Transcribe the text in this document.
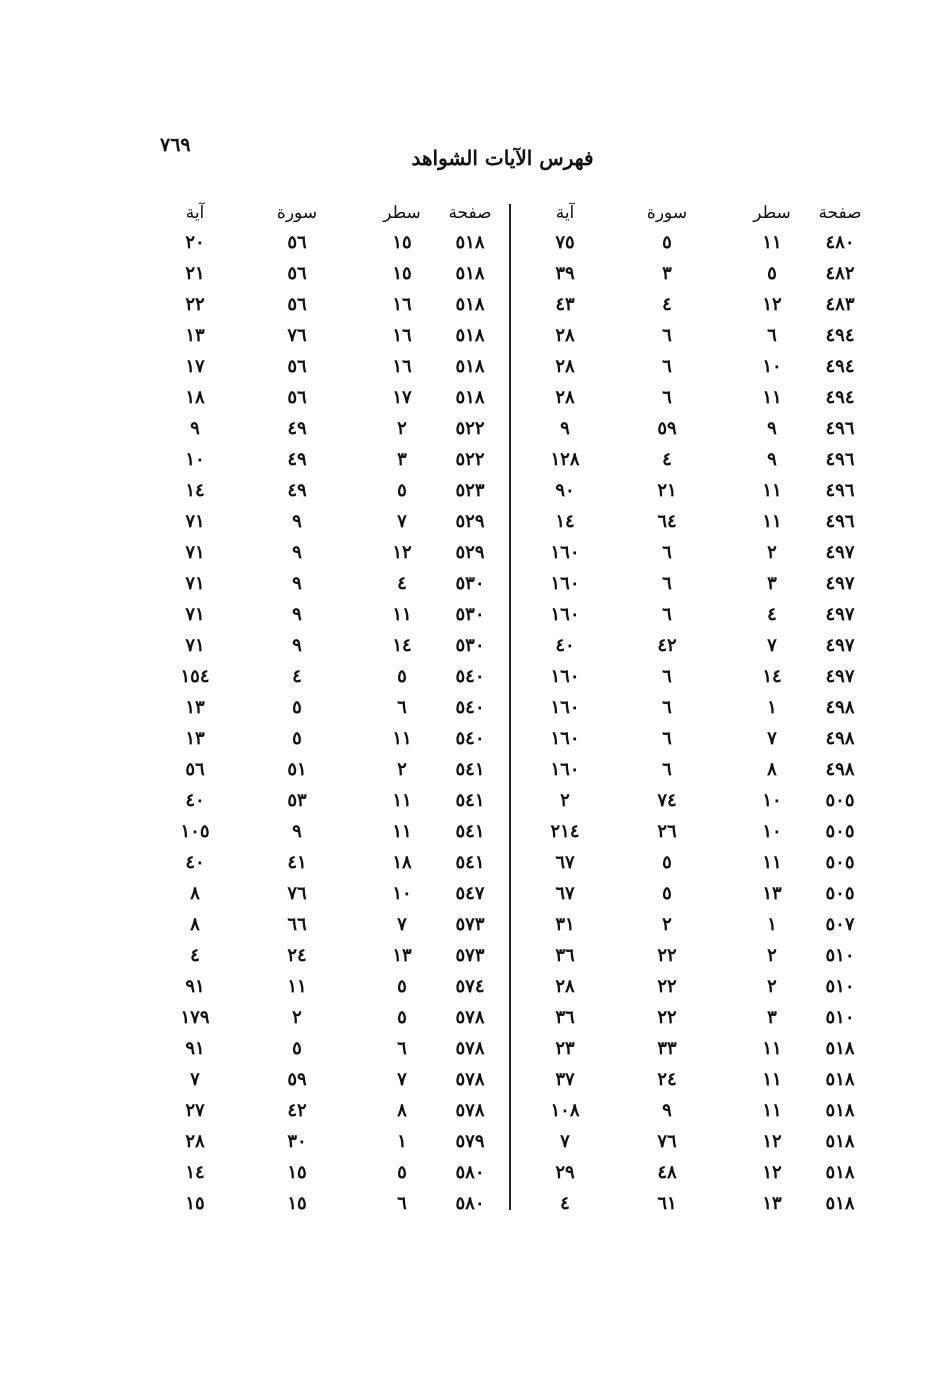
٧٦٩
فهرس الآيات الشواهد
صفحة
سطر
سورة
آية
٤٨٠
١١
٥
٧٥
٤٨٢
٥
٣
٣٩
٤٨٣
١٢
٤
٤٣
٤٩٤
٦
٦
٢٨
٤٩٤
١٠
٦
٢٨
٤٩٤
١١
٦
٢٨
٤٩٦
٩
٥٩
٩
٤٩٦
٩
٤
١٢٨
٤٩٦
١١
٢١
٩٠
٤٩٦
١١
٦٤
١٤
٤٩٧
٢
٦
١٦٠
٤٩٧
٣
٦
١٦٠
٤٩٧
٤
٦
١٦٠
٤٩٧
٧
٤٢
٤٠
٤٩٧
١٤
٦
١٦٠
٤٩٨
١
٦
١٦٠
٤٩٨
٧
٦
١٦٠
٤٩٨
٨
٦
١٦٠
٥٠٥
١٠
٧٤
٢
٥٠٥
١٠
٢٦
٢١٤
٥٠٥
١١
٥
٦٧
٥٠٥
١٣
٥
٦٧
٥٠٧
١
٢
٣١
٥١٠
٢
٢٢
٣٦
٥١٠
٢
٢٢
٢٨
٥١٠
٣
٢٢
٣٦
٥١٨
١١
٣٣
٢٣
٥١٨
١١
٢٤
٣٧
٥١٨
١١
٩
١٠٨
٥١٨
١٢
٧٦
٧
٥١٨
١٢
٤٨
٢٩
٥١٨
١٣
٦١
٤
صفحة
سطر
سورة
آية
٥١٨
١٥
٥٦
٢٠
٥١٨
١٥
٥٦
٢١
٥١٨
١٦
٥٦
٢٢
٥١٨
١٦
٧٦
١٣
٥١٨
١٦
٥٦
١٧
٥١٨
١٧
٥٦
١٨
٥٢٢
٢
٤٩
٩
٥٢٢
٣
٤٩
١٠
٥٢٣
٥
٤٩
١٤
٥٢٩
٧
٩
٧١
٥٢٩
١٢
٩
٧١
٥٣٠
٤
٩
٧١
٥٣٠
١١
٩
٧١
٥٣٠
١٤
٩
٧١
٥٤٠
٥
٤
١٥٤
٥٤٠
٦
٥
١٣
٥٤٠
١١
٥
١٣
٥٤١
٢
٥١
٥٦
٥٤١
١١
٥٣
٤٠
٥٤١
١١
٩
١٠٥
٥٤١
١٨
٤١
٤٠
٥٤٧
١٠
٧٦
٨
٥٧٣
٧
٦٦
٨
٥٧٣
١٣
٢٤
٤
٥٧٤
٥
١١
٩١
٥٧٨
٥
٢
١٧٩
٥٧٨
٦
٥
٩١
٥٧٨
٧
٥٩
٧
٥٧٨
٨
٤٢
٢٧
٥٧٩
١
٣٠
٢٨
٥٨٠
٥
١٥
١٤
٥٨٠
٦
١٥
١٥
